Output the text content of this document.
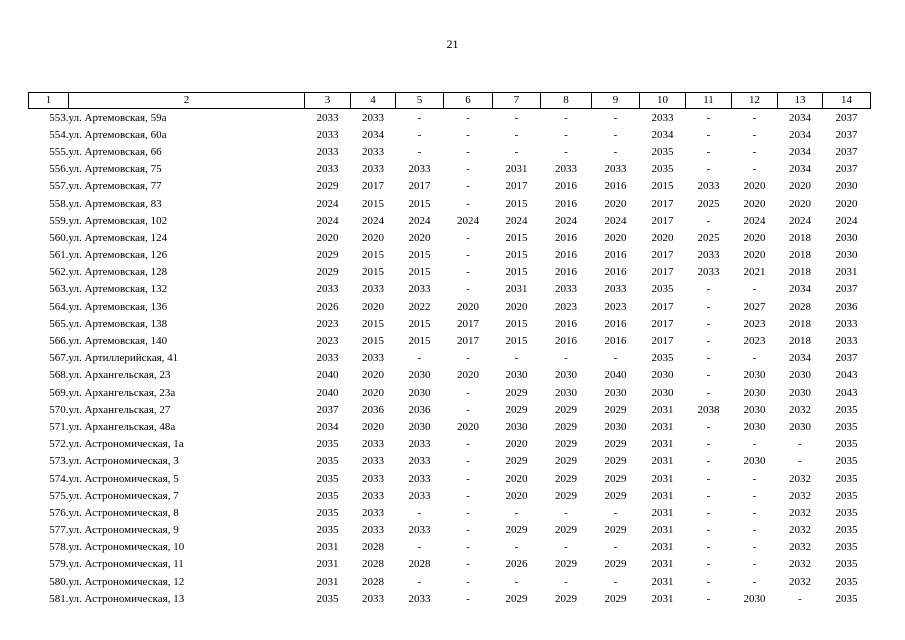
21
1	2	3	4	5	6	7	8	9	10	11	12	13	14
553.	ул. Артемовская, 59а	2033	2033	-	-	-	-	-	2033	-	-	2034	2037
554.	ул. Артемовская, 60а	2033	2034	-	-	-	-	-	2034	-	-	2034	2037
555.	ул. Артемовская, 66	2033	2033	-	-	-	-	-	2035	-	-	2034	2037
556.	ул. Артемовская, 75	2033	2033	2033	-	2031	2033	2033	2035	-	-	2034	2037
557.	ул. Артемовская, 77	2029	2017	2017	-	2017	2016	2016	2015	2033	2020	2020	2030
558.	ул. Артемовская, 83	2024	2015	2015	-	2015	2016	2020	2017	2025	2020	2020	2020
559.	ул. Артемовская, 102	2024	2024	2024	2024	2024	2024	2024	2017	-	2024	2024	2024
560.	ул. Артемовская, 124	2020	2020	2020	-	2015	2016	2020	2020	2025	2020	2018	2030
561.	ул. Артемовская, 126	2029	2015	2015	-	2015	2016	2016	2017	2033	2020	2018	2030
562.	ул. Артемовская, 128	2029	2015	2015	-	2015	2016	2016	2017	2033	2021	2018	2031
563.	ул. Артемовская, 132	2033	2033	2033	-	2031	2033	2033	2035	-	-	2034	2037
564.	ул. Артемовская, 136	2026	2020	2022	2020	2020	2023	2023	2017	-	2027	2028	2036
565.	ул. Артемовская, 138	2023	2015	2015	2017	2015	2016	2016	2017	-	2023	2018	2033
566.	ул. Артемовская, 140	2023	2015	2015	2017	2015	2016	2016	2017	-	2023	2018	2033
567.	ул. Артиллерийская, 41	2033	2033	-	-	-	-	-	2035	-	-	2034	2037
568.	ул. Архангельская, 23	2040	2020	2030	2020	2030	2030	2040	2030	-	2030	2030	2043
569.	ул. Архангельская, 23а	2040	2020	2030	-	2029	2030	2030	2030	-	2030	2030	2043
570.	ул. Архангельская, 27	2037	2036	2036	-	2029	2029	2029	2031	2038	2030	2032	2035
571.	ул. Архангельская, 48а	2034	2020	2030	2020	2030	2029	2030	2031	-	2030	2030	2035
572.	ул. Астрономическая, 1а	2035	2033	2033	-	2020	2029	2029	2031	-	-	-	2035
573.	ул. Астрономическая, 3	2035	2033	2033	-	2029	2029	2029	2031	-	2030	-	2035
574.	ул. Астрономическая, 5	2035	2033	2033	-	2020	2029	2029	2031	-	-	2032	2035
575.	ул. Астрономическая, 7	2035	2033	2033	-	2020	2029	2029	2031	-	-	2032	2035
576.	ул. Астрономическая, 8	2035	2033	-	-	-	-	-	2031	-	-	2032	2035
577.	ул. Астрономическая, 9	2035	2033	2033	-	2029	2029	2029	2031	-	-	2032	2035
578.	ул. Астрономическая, 10	2031	2028	-	-	-	-	-	2031	-	-	2032	2035
579.	ул. Астрономическая, 11	2031	2028	2028	-	2026	2029	2029	2031	-	-	2032	2035
580.	ул. Астрономическая, 12	2031	2028	-	-	-	-	-	2031	-	-	2032	2035
581.	ул. Астрономическая, 13	2035	2033	2033	-	2029	2029	2029	2031	-	2030	-	2035
